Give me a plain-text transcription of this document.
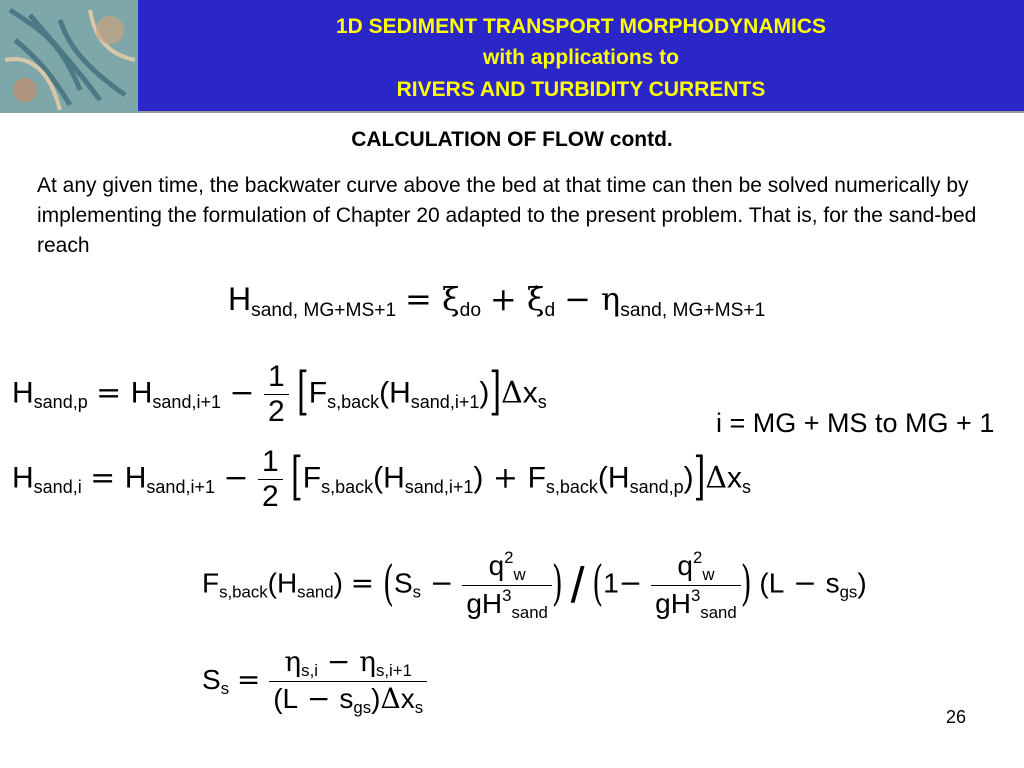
1D SEDIMENT TRANSPORT MORPHODYNAMICS
with applications to
RIVERS AND TURBIDITY CURRENTS
CALCULATION OF FLOW contd.
At any given time, the backwater curve above the bed at that time can then be solved numerically by implementing the formulation of Chapter 20 adapted to the present problem. That is, for the sand-bed reach
$H_{sand, MG+MS+1} = \xi_{do}$ + $\xi̇_d - \eta_{sand, MG+MS+1}$
$H_{sand,p} = H_{sand,i+1} - \frac{1}{2} [F_{s,back}(H_{sand,i+1})]\Delta x_s$
i = MG + MS to MG + 1
$H_{sand,i} = H_{sand,i+1} - \frac{1}{2} [F_{s,back}(H_{sand,i+1}) + F_{s,back}(H_{sand,p})]\Delta x_s$
$F_{s,back}(H_{sand}) = (S_s - \frac{q^2_w}{gH^3_{sand}}$ ) / ($1- \frac{q^2_w}{gH^3_{sand}}$ ) $(L - s_{gs})$
$S_s = \frac{\eta_{s,i} - \eta_{s,i+1}}{(L - s_{gs})\Delta x_s}$	26
